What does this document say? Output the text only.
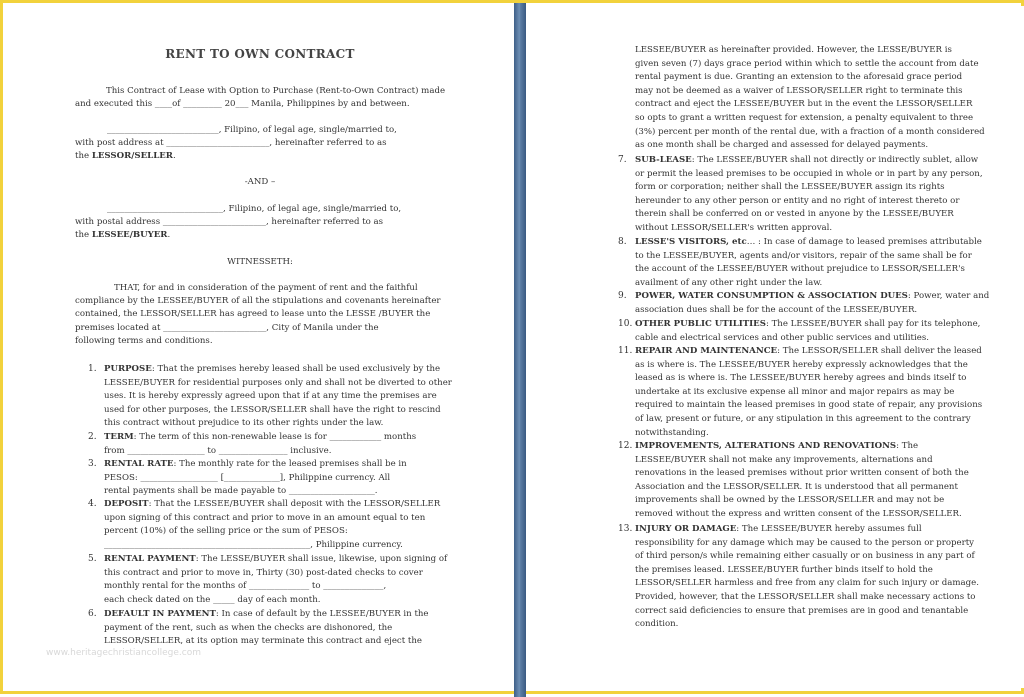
RENT TO OWN CONTRACT
This Contract of Lease with Option to Purchase (Rent-to-Own Contract) made
and executed this ____of _________ 20___ Manila, Philippines by and between.
__________________________, Filipino, of legal age, single/married to,
with post address at ________________________, hereinafter referred to as
the LESSOR/SELLER.
-AND –
___________________________, Filipino, of legal age, single/married to,
with postal address ________________________, hereinafter referred to as
the LESSEE/BUYER.
WITNESSETH:
THAT, for and in consideration of the payment of rent and the faithful
compliance by the LESSEE/BUYER of all the stipulations and covenants hereinafter
contained, the LESSOR/SELLER has agreed to lease unto the LESSE /BUYER the
premises located at ________________________, City of Manila under the
following terms and conditions.
1. PURPOSE: That the premises hereby leased shall be used exclusively by the
LESSEE/BUYER for residential purposes only and shall not be diverted to other
uses. It is hereby expressly agreed upon that if at any time the premises are
used for other purposes, the LESSOR/SELLER shall have the right to rescind
this contract without prejudice to its other rights under the law.
2. TERM: The term of this non-renewable lease is for ____________ months
from __________________ to ________________ inclusive.
3. RENTAL RATE: The monthly rate for the leased premises shall be in
PESOS: __________________ [_____________], Philippine currency. All
rental payments shall be made payable to ____________________.
4. DEPOSIT: That the LESSEE/BUYER shall deposit with the LESSOR/SELLER
upon signing of this contract and prior to move in an amount equal to ten
percent (10%) of the selling price or the sum of PESOS:
________________________________________________, Philippine currency.
5. RENTAL PAYMENT: The LESSE/BUYER shall issue, likewise, upon signing of
this contract and prior to move in, Thirty (30) post-dated checks to cover
monthly rental for the months of ______________ to ______________,
each check dated on the _____ day of each month.
6. DEFAULT IN PAYMENT: In case of default by the LESSEE/BUYER in the
payment of the rent, such as when the checks are dishonored, the
LESSOR/SELLER, at its option may terminate this contract and eject the
www.heritagechristiancollege.com
LESSEE/BUYER as hereinafter provided. However, the LESSE/BUYER is
given seven (7) days grace period within which to settle the account from date
rental payment is due. Granting an extension to the aforesaid grace period
may not be deemed as a waiver of LESSOR/SELLER right to terminate this
contract and eject the LESSEE/BUYER but in the event the LESSOR/SELLER
so opts to grant a written request for extension, a penalty equivalent to three
(3%) percent per month of the rental due, with a fraction of a month considered
as one month shall be charged and assessed for delayed payments.
7. SUB-LEASE: The LESSEE/BUYER shall not directly or indirectly sublet, allow
or permit the leased premises to be occupied in whole or in part by any person,
form or corporation; neither shall the LESSEE/BUYER assign its rights
hereunder to any other person or entity and no right of interest thereto or
therein shall be conferred on or vested in anyone by the LESSEE/BUYER
without LESSOR/SELLER's written approval.
8. LESSE'S VISITORS, etc… : In case of damage to leased premises attributable
to the LESSEE/BUYER, agents and/or visitors, repair of the same shall be for
the account of the LESSEE/BUYER without prejudice to LESSOR/SELLER's
availment of any other right under the law.
9. POWER, WATER CONSUMPTION & ASSOCIATION DUES: Power, water and
association dues shall be for the account of the LESSEE/BUYER.
10. OTHER PUBLIC UTILITIES: The LESSEE/BUYER shall pay for its telephone,
cable and electrical services and other public services and utilities.
11. REPAIR AND MAINTENANCE: The LESSOR/SELLER shall deliver the leased
as is where is. The LESSEE/BUYER hereby expressly acknowledges that the
leased as is where is. The LESSEE/BUYER hereby agrees and binds itself to
undertake at its exclusive expense all minor and major repairs as may be
required to maintain the leased premises in good state of repair, any provisions
of law, present or future, or any stipulation in this agreement to the contrary
notwithstanding.
12. IMPROVEMENTS, ALTERATIONS AND RENOVATIONS: The
LESSEE/BUYER shall not make any improvements, alternations and
renovations in the leased premises without prior written consent of both the
Association and the LESSOR/SELLER. It is understood that all permanent
improvements shall be owned by the LESSOR/SELLER and may not be
removed without the express and written consent of the LESSOR/SELLER.
13. INJURY OR DAMAGE: The LESSEE/BUYER hereby assumes full
responsibility for any damage which may be caused to the person or property
of third person/s while remaining either casually or on business in any part of
the premises leased. LESSEE/BUYER further binds itself to hold the
LESSOR/SELLER harmless and free from any claim for such injury or damage.
Provided, however, that the LESSOR/SELLER shall make necessary actions to
correct said deficiencies to ensure that premises are in good and tenantable
condition.
